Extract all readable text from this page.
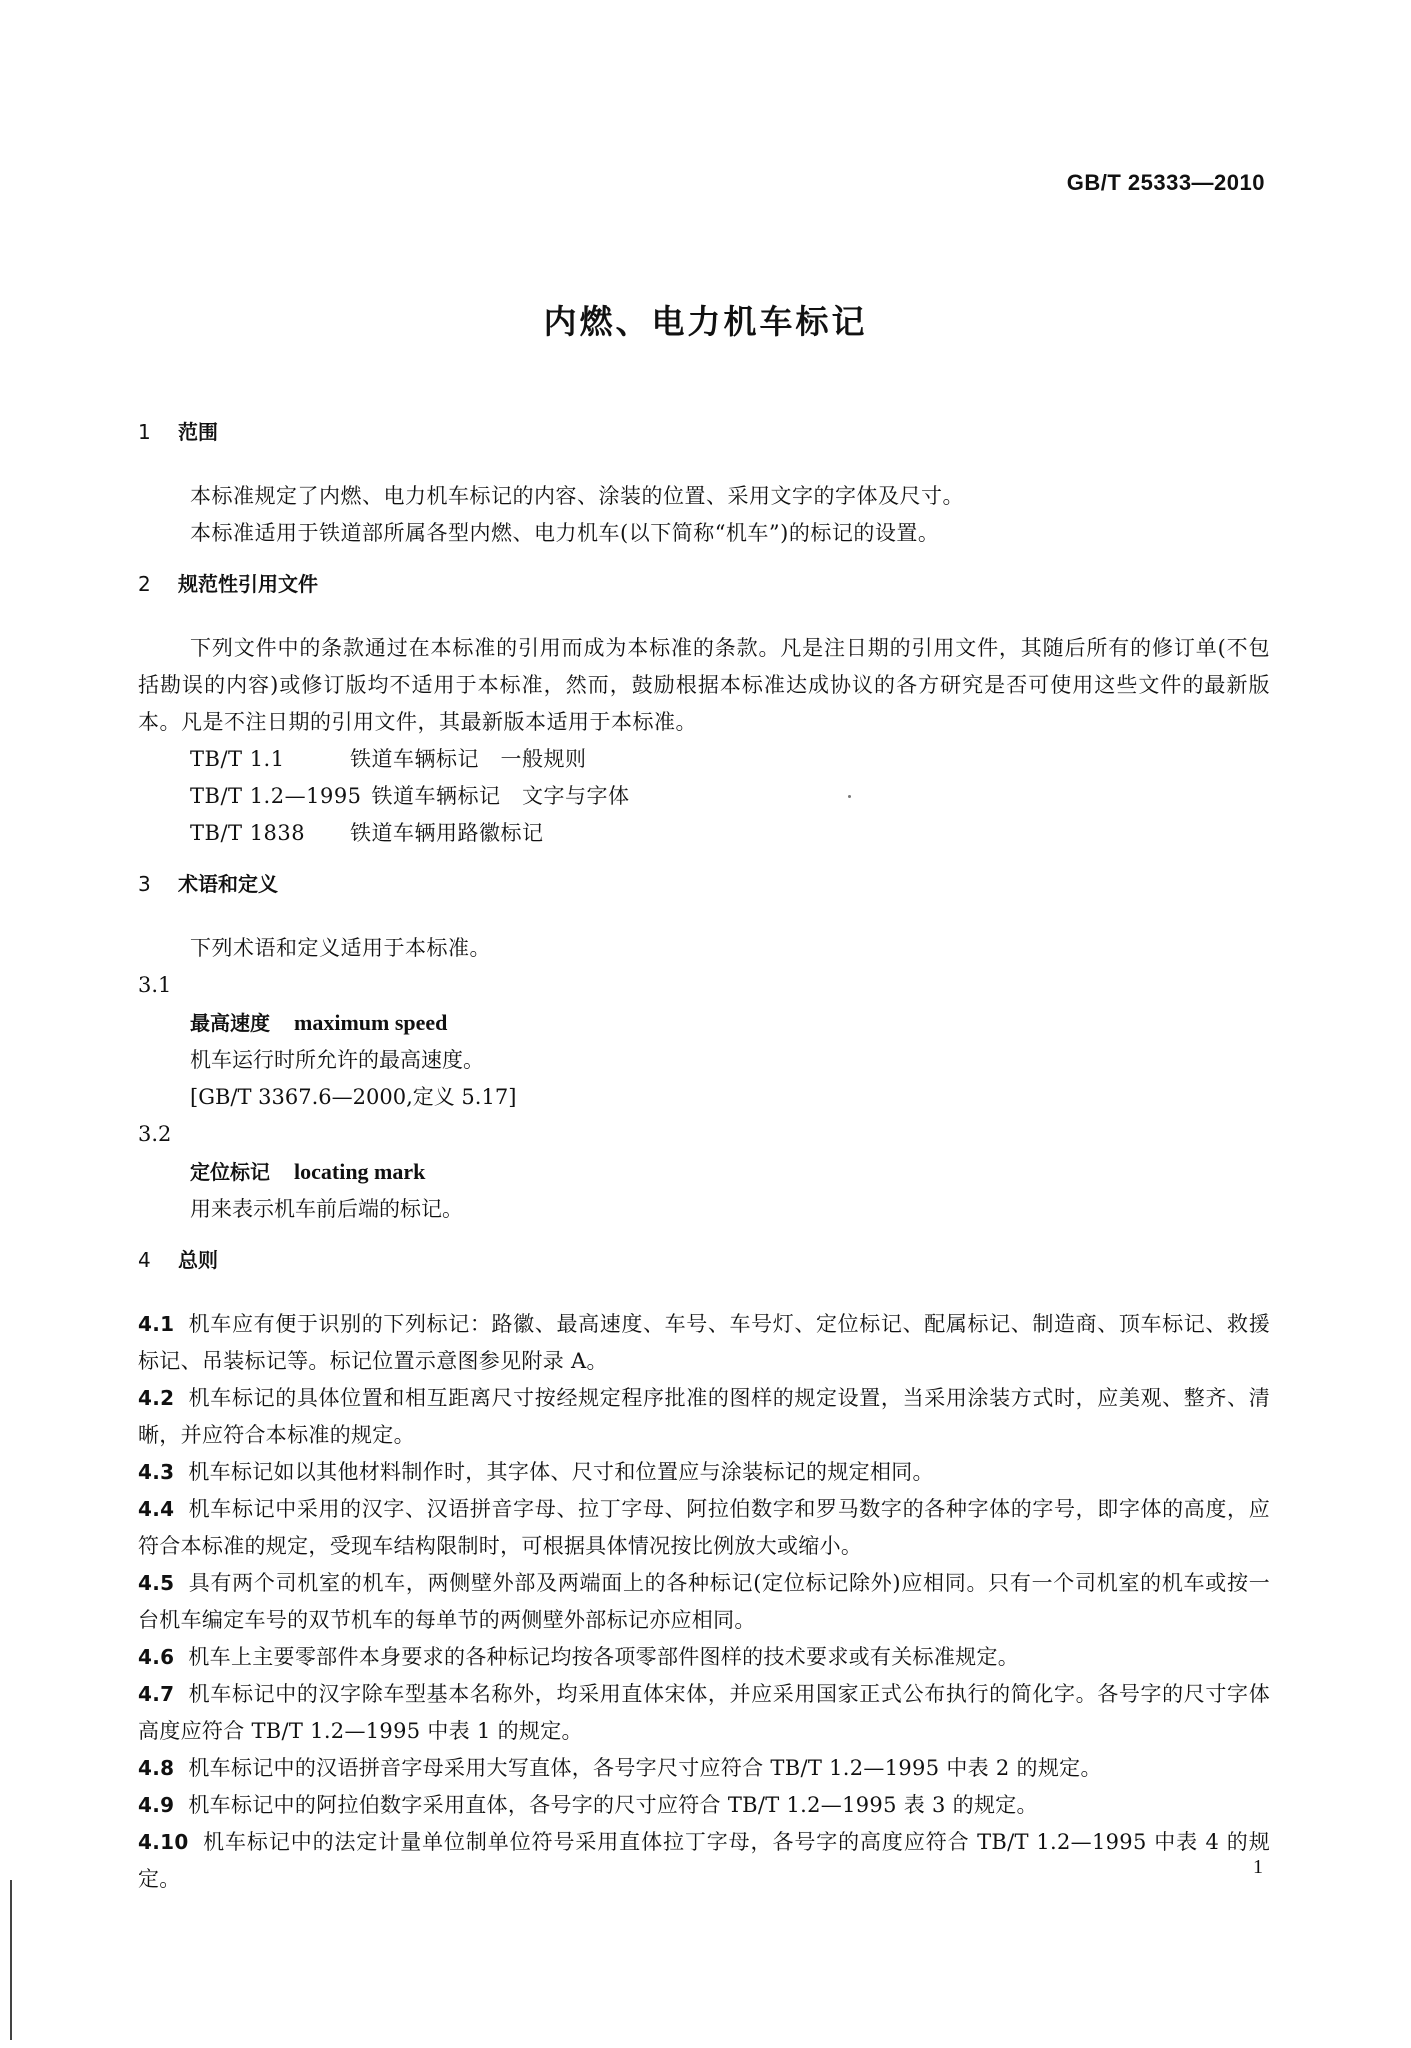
GB/T 25333—2010
内燃、电力机车标记
1 范围

本标准规定了内燃、电力机车标记的内容、涂装的位置、采用文字的字体及尺寸。

本标准适用于铁道部所属各型内燃、电力机车(以下简称“机车”)的标记的设置。

2 规范性引用文件

下列文件中的条款通过在本标准的引用而成为本标准的条款。凡是注日期的引用文件，其随后所有的修订单(不包括勘误的内容)或修订版均不适用于本标准，然而，鼓励根据本标准达成协议的各方研究是否可使用这些文件的最新版本。凡是不注日期的引用文件，其最新版本适用于本标准。

TB/T 1.1	铁道车辆标记　一般规则

TB/T 1.2—1995 铁道车辆标记　文字与字体

TB/T 1838 铁道车辆用路徽标记

3 术语和定义

下列术语和定义适用于本标准。

3.1

最高速度 maximum speed

机车运行时所允许的最高速度。

[GB/T 3367.6—2000,定义 5.17]

3.2

定位标记 locating mark

用来表示机车前后端的标记。

4 总则

4.1 机车应有便于识别的下列标记：路徽、最高速度、车号、车号灯、定位标记、配属标记、制造商、顶车标记、救援标记、吊装标记等。标记位置示意图参见附录 A。

4.2 机车标记的具体位置和相互距离尺寸按经规定程序批准的图样的规定设置，当采用涂装方式时，应美观、整齐、清晰，并应符合本标准的规定。

4.3 机车标记如以其他材料制作时，其字体、尺寸和位置应与涂装标记的规定相同。

4.4 机车标记中采用的汉字、汉语拼音字母、拉丁字母、阿拉伯数字和罗马数字的各种字体的字号，即字体的高度，应符合本标准的规定，受现车结构限制时，可根据具体情况按比例放大或缩小。

4.5 具有两个司机室的机车，两侧壁外部及两端面上的各种标记(定位标记除外)应相同。只有一个司机室的机车或按一台机车编定车号的双节机车的每单节的两侧壁外部标记亦应相同。

4.6 机车上主要零部件本身要求的各种标记均按各项零部件图样的技术要求或有关标准规定。

4.7 机车标记中的汉字除车型基本名称外，均采用直体宋体，并应采用国家正式公布执行的简化字。各号字的尺寸字体高度应符合 TB/T 1.2—1995 中表 1 的规定。

4.8 机车标记中的汉语拼音字母采用大写直体，各号字尺寸应符合 TB/T 1.2—1995 中表 2 的规定。

4.9 机车标记中的阿拉伯数字采用直体，各号字的尺寸应符合 TB/T 1.2—1995 表 3 的规定。

4.10 机车标记中的法定计量单位制单位符号采用直体拉丁字母，各号字的高度应符合 TB/T 1.2—1995 中表 4 的规定。	1
